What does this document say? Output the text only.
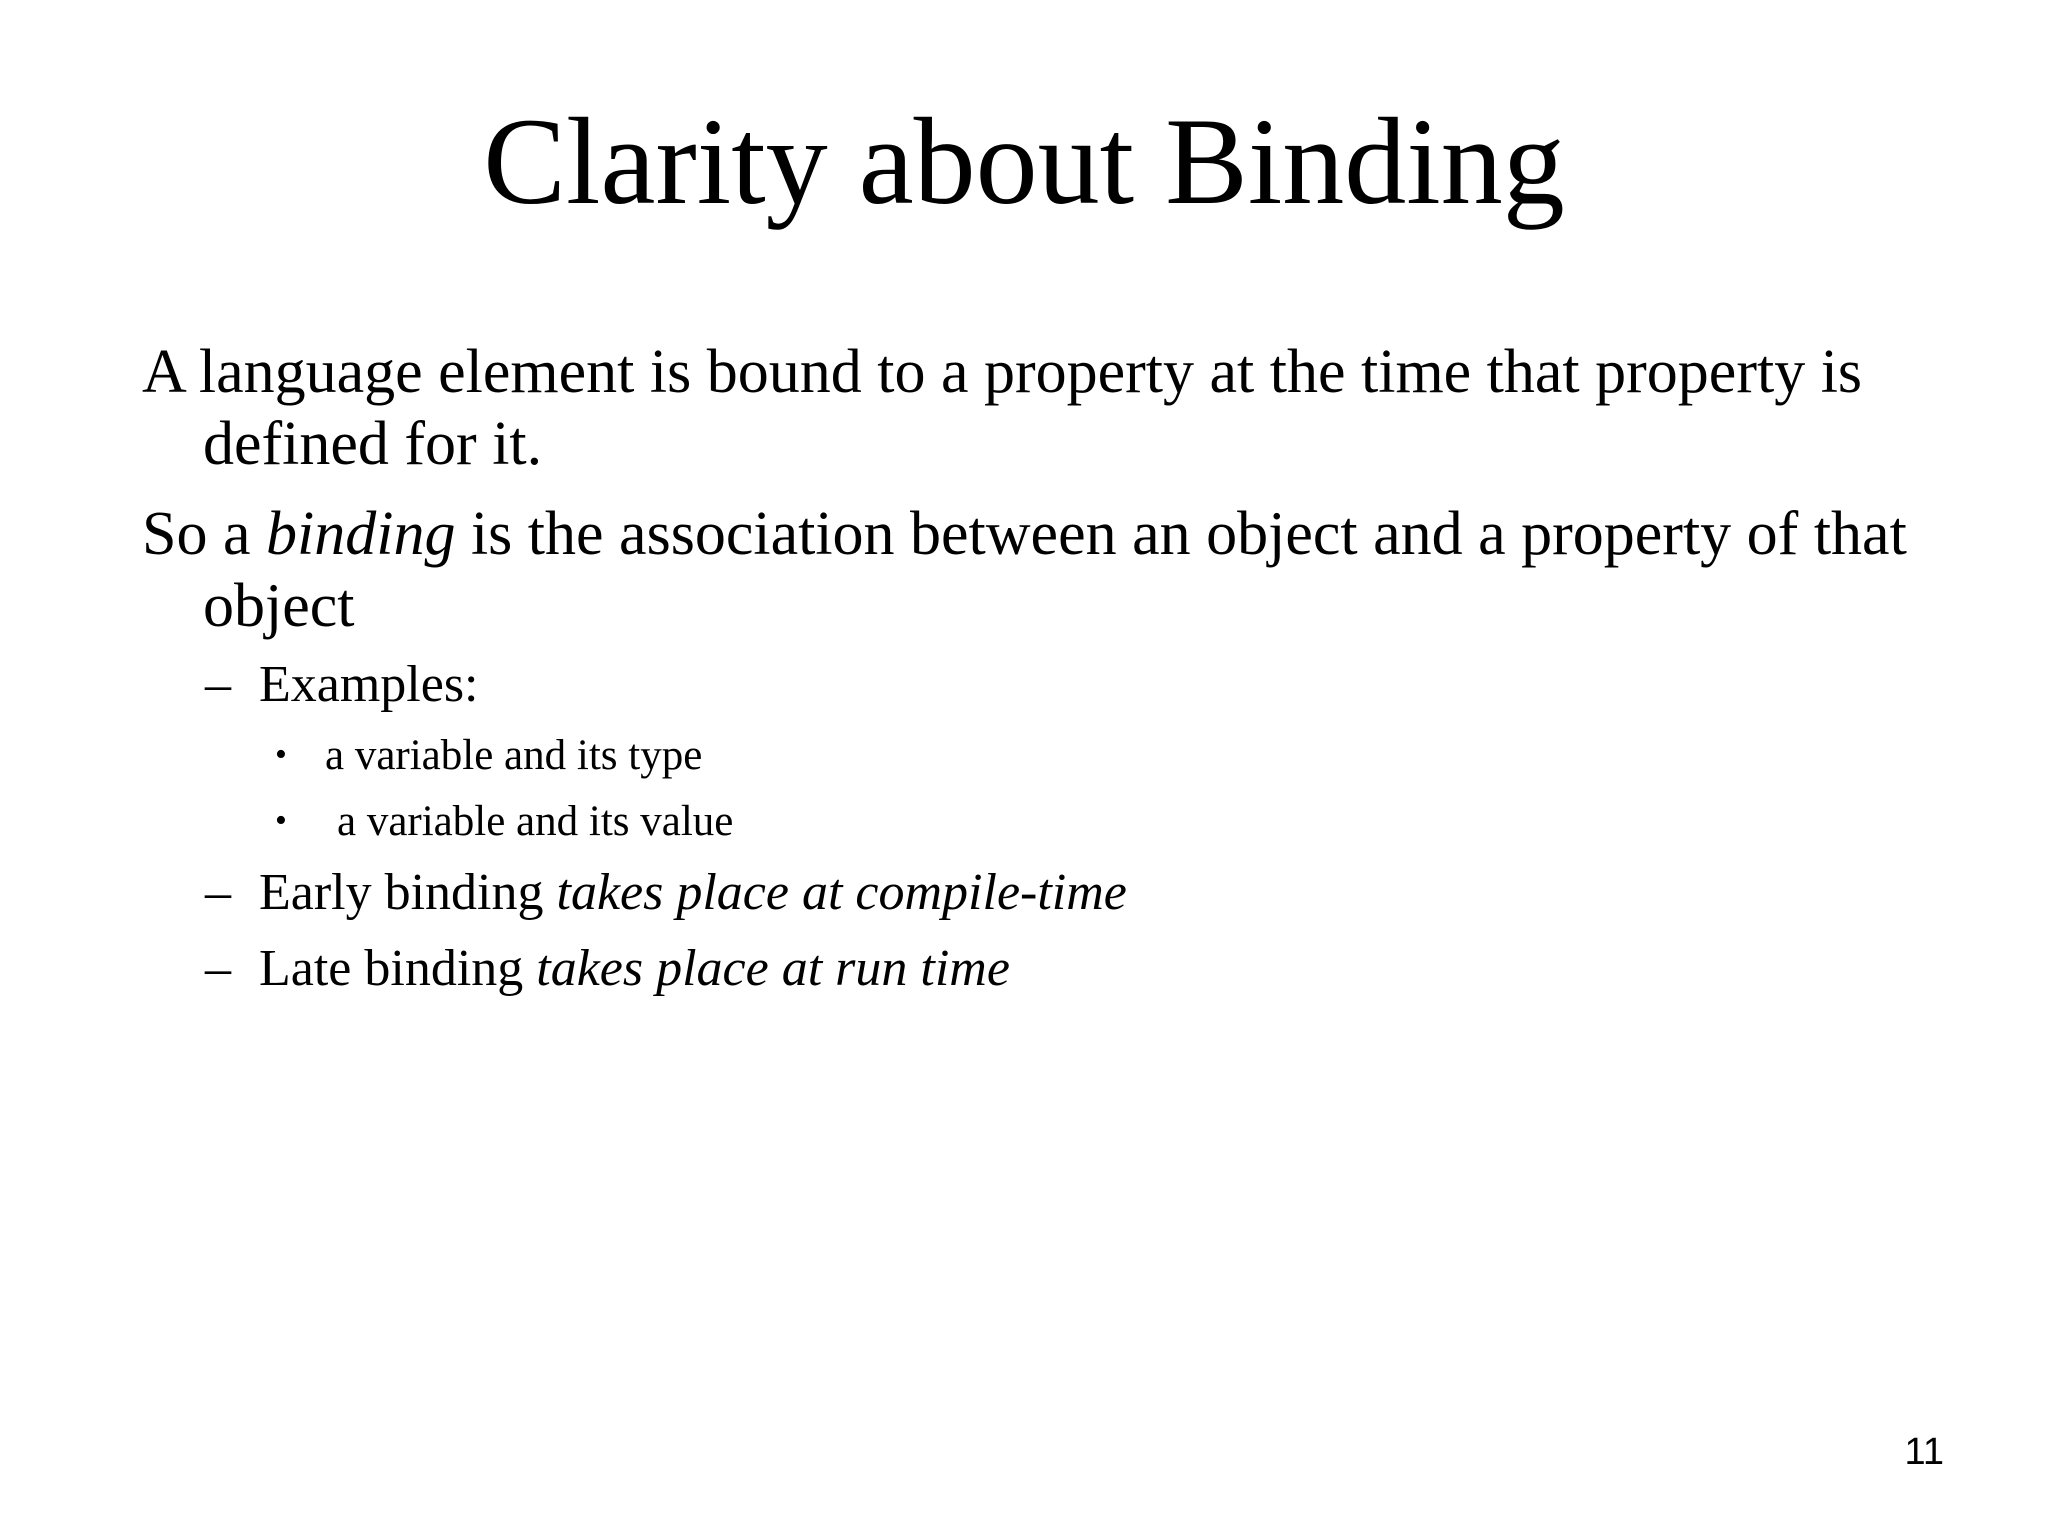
Clarity about Binding
A language element is bound to a property at the time that property is
defined for it.
So a binding is the association between an object and a property of that
object
– Examples:
• a variable and its type
• a variable and its value
– Early binding takes place at compile-time
– Late binding takes place at run time
11
